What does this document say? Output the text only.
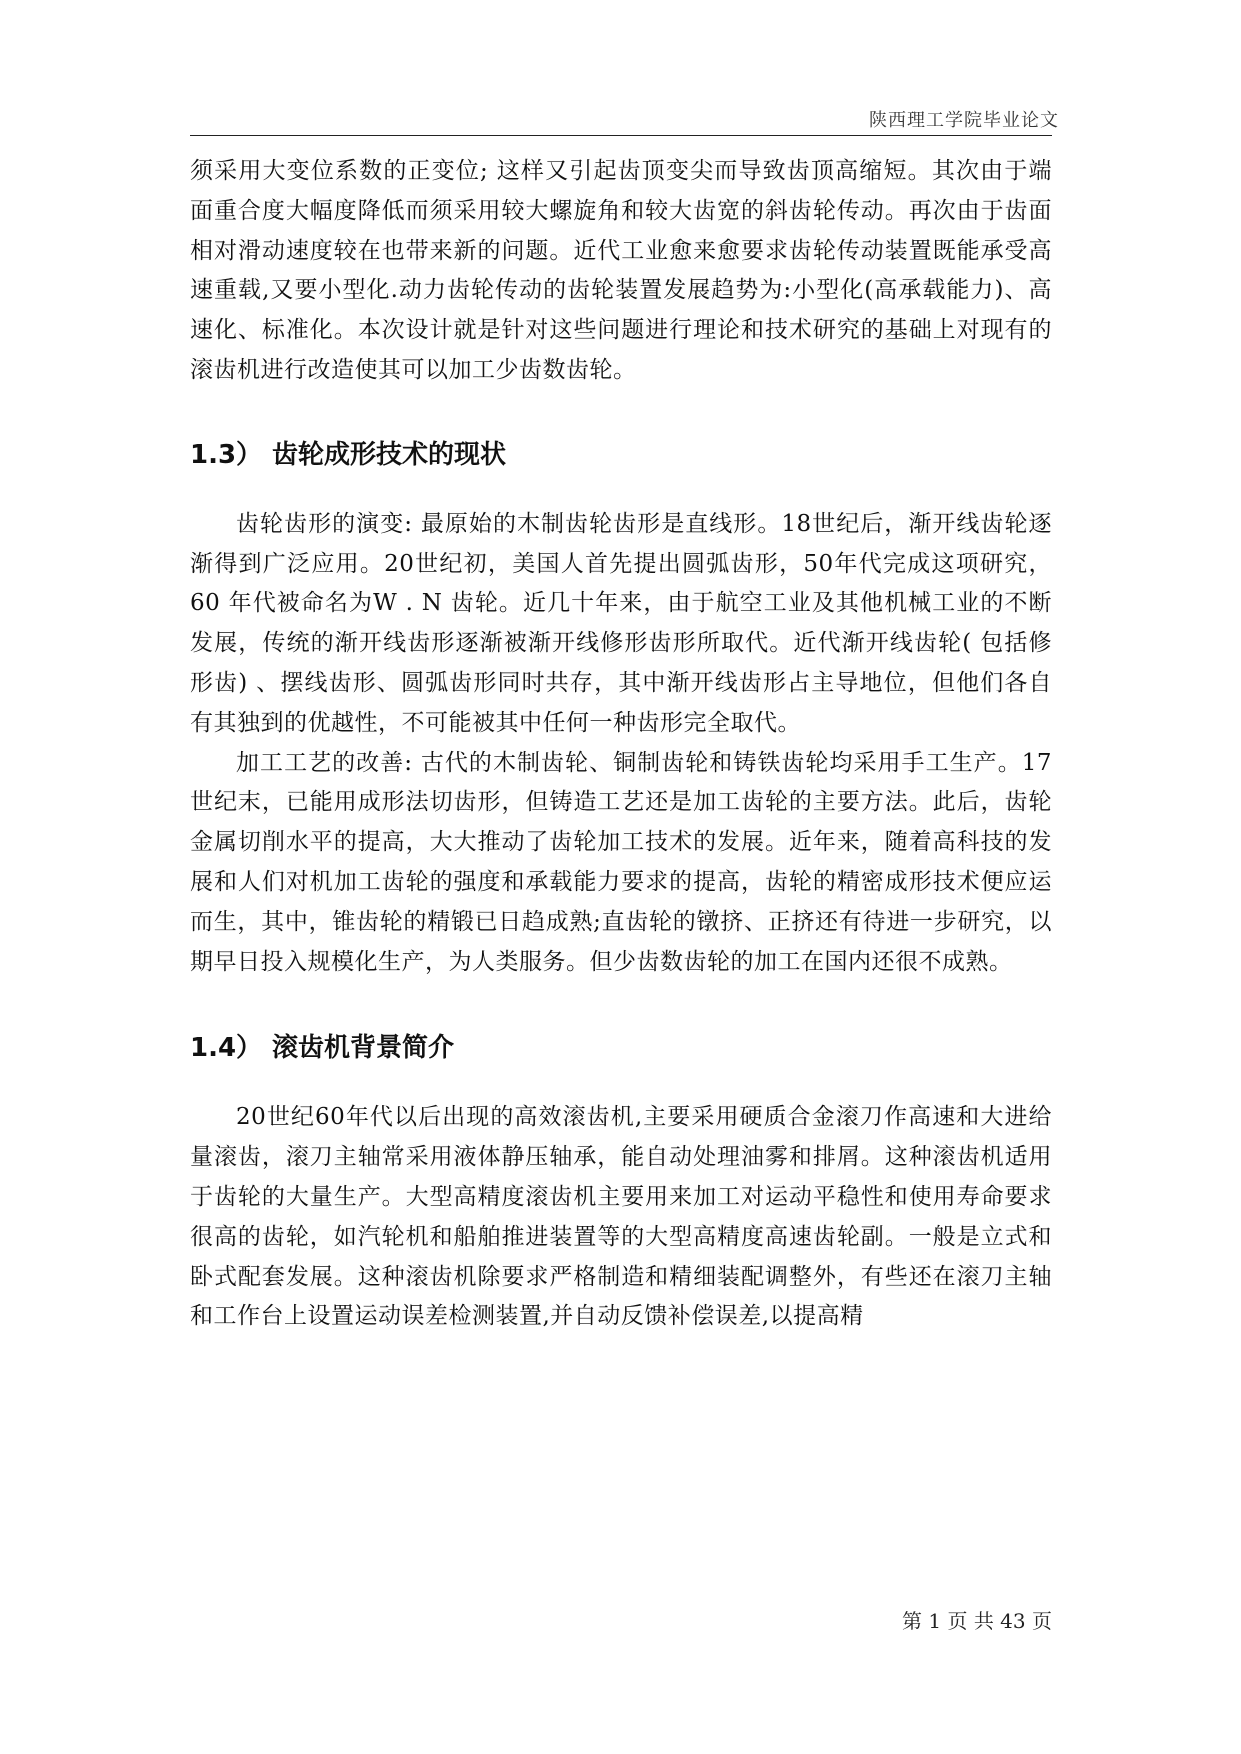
陕西理工学院毕业论文

须采用大变位系数的正变位; 这样又引起齿顶变尖而导致齿顶高缩短。其次由于端面重合度大幅度降低而须采用较大螺旋角和较大齿宽的斜齿轮传动。再次由于齿面相对滑动速度较在也带来新的问题。近代工业愈来愈要求齿轮传动装置既能承受高速重载,又要小型化.动力齿轮传动的齿轮装置发展趋势为:小型化(高承载能力)、高速化、标准化。本次设计就是针对这些问题进行理论和技术研究的基础上对现有的滚齿机进行改造使其可以加工少齿数齿轮。

1.3） 齿轮成形技术的现状

齿轮齿形的演变: 最原始的木制齿轮齿形是直线形。18世纪后，渐开线齿轮逐渐得到广泛应用。20世纪初，美国人首先提出圆弧齿形，50年代完成这项研究，60 年代被命名为W . N 齿轮。近几十年来，由于航空工业及其他机械工业的不断发展，传统的渐开线齿形逐渐被渐开线修形齿形所取代。近代渐开线齿轮( 包括修形齿) 、摆线齿形、圆弧齿形同时共存，其中渐开线齿形占主导地位，但他们各自有其独到的优越性，不可能被其中任何一种齿形完全取代。

加工工艺的改善: 古代的木制齿轮、铜制齿轮和铸铁齿轮均采用手工生产。17 世纪末，已能用成形法切齿形，但铸造工艺还是加工齿轮的主要方法。此后，齿轮金属切削水平的提高，大大推动了齿轮加工技术的发展。近年来，随着高科技的发展和人们对机加工齿轮的强度和承载能力要求的提高，齿轮的精密成形技术便应运而生，其中，锥齿轮的精锻已日趋成熟;直齿轮的镦挤、正挤还有待进一步研究，以期早日投入规模化生产，为人类服务。但少齿数齿轮的加工在国内还很不成熟。

1.4） 滚齿机背景简介

20世纪60年代以后出现的高效滚齿机,主要采用硬质合金滚刀作高速和大进给量滚齿，滚刀主轴常采用液体静压轴承，能自动处理油雾和排屑。这种滚齿机适用于齿轮的大量生产。大型高精度滚齿机主要用来加工对运动平稳性和使用寿命要求很高的齿轮，如汽轮机和船舶推进装置等的大型高精度高速齿轮副。一般是立式和卧式配套发展。这种滚齿机除要求严格制造和精细装配调整外，有些还在滚刀主轴和工作台上设置运动误差检测装置,并自动反馈补偿误差,以提高精

第 1 页 共 43 页
